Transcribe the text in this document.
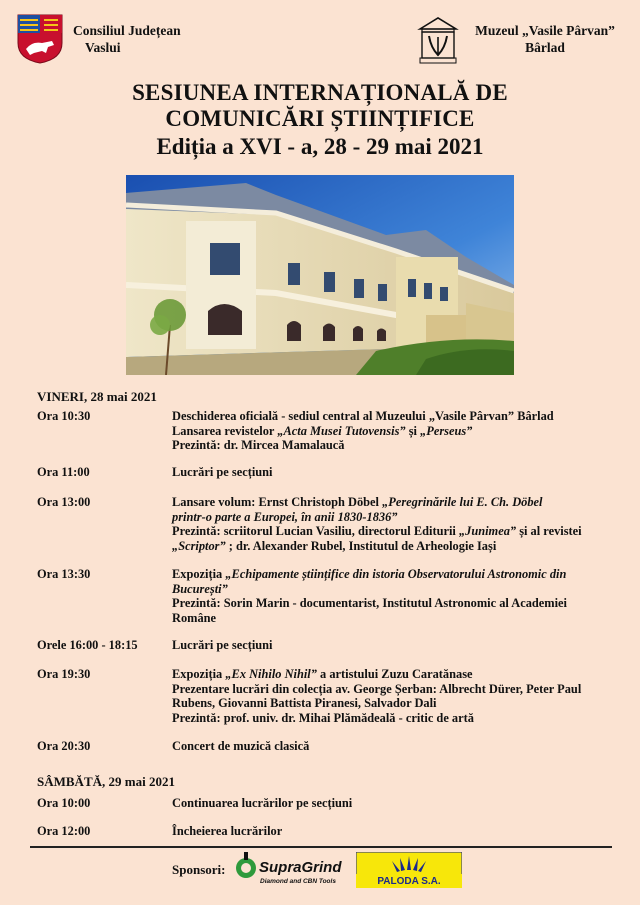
Consiliul Județean
Vaslui
Muzeul „Vasile Pârvan”
Bârlad
SESIUNEA INTERNAȚIONALĂ DE
COMUNICĂRI ȘTIINȚIFICE
Ediția a XVI - a, 28 - 29 mai 2021
VINERI, 28 mai 2021
Ora 10:30	Deschiderea oficială - sediul central al Muzeului „Vasile Pârvan” Bârlad
Lansarea revistelor „Acta Musei Tutovensis” și „Perseus”
Prezintă: dr. Mircea Mamalaucă
Ora 11:00	Lucrări pe secțiuni
Ora 13:00	Lansare volum: Ernst Christoph Döbel „Peregrinările lui E. Ch. Döbel
printr-o parte a Europei, în anii 1830-1836”
Prezintă: scriitorul Lucian Vasiliu, directorul Editurii „Junimea” și al revistei
„Scriptor” ; dr. Alexander Rubel, Institutul de Arheologie Iași
Ora 13:30	Expoziția „Echipamente științifice din istoria Observatorului Astronomic din
București”
Prezintă: Sorin Marin - documentarist, Institutul Astronomic al Academiei
Române
Orele 16:00 - 18:15	Lucrări pe secțiuni
Ora 19:30	Expoziția „Ex Nihilo Nihil” a artistului Zuzu Caratănase
Prezentare lucrări din colecția av. George Șerban: Albrecht Dürer, Peter Paul
Rubens, Giovanni Battista Piranesi, Salvador Dali
Prezintă: prof. univ. dr. Mihai Plămădeală - critic de artă
Ora 20:30	Concert de muzică clasică
SÂMBĂTĂ, 29 mai 2021
Ora 10:00	Continuarea lucrărilor pe secțiuni
Ora 12:00	Încheierea lucrărilor
Sponsori: SupraGrind
Diamond and CBN Tools	PALODA S.A.
